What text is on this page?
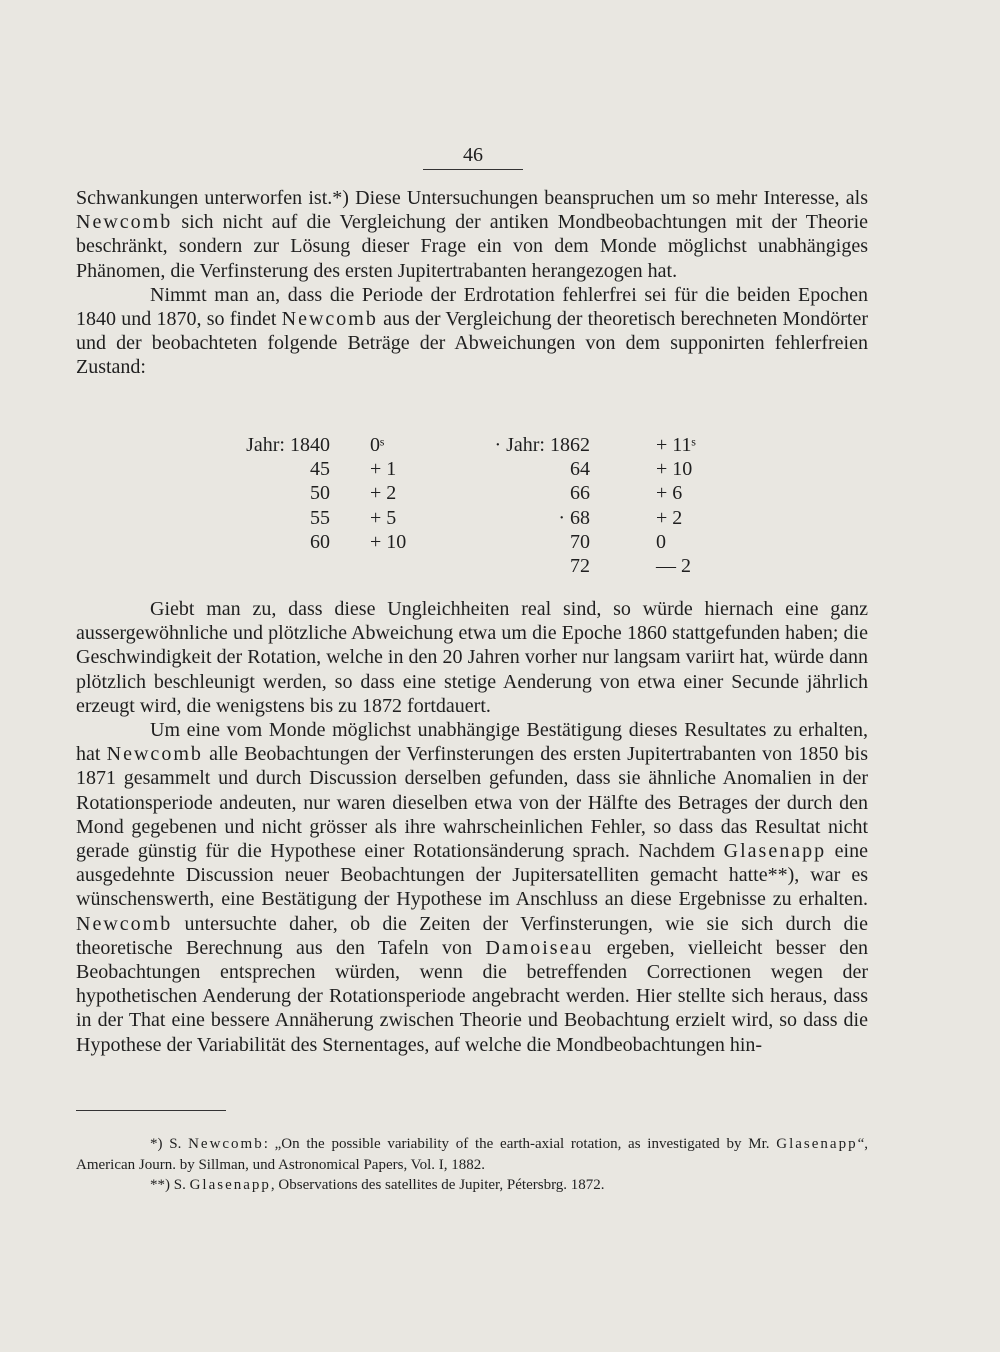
46

Schwankungen unterworfen ist.*) Diese Untersuchungen beanspruchen um so mehr Interesse, als Newcomb sich nicht auf die Vergleichung der antiken Mondbeobachtungen mit der Theorie beschränkt, sondern zur Lösung dieser Frage ein von dem Monde möglichst unabhängiges Phänomen, die Verfinsterung des ersten Jupitertrabanten herangezogen hat.

Nimmt man an, dass die Periode der Erdrotation fehlerfrei sei für die beiden Epochen 1840 und 1870, so findet Newcomb aus der Vergleichung der theoretisch berechneten Mondörter und der beobachteten folgende Beträge der Abweichungen von dem supponirten fehlerfreien Zustand:

Jahr: 1840 0ˢ	· Jahr: 1862	+ 11ˢ
45 + 1	64	+ 10
50 + 2	66	+ 6
55 + 5	· 68	+ 2
60 + 10	70	0
72	— 2

Giebt man zu, dass diese Ungleichheiten real sind, so würde hiernach eine ganz aussergewöhnliche und plötzliche Abweichung etwa um die Epoche 1860 stattgefunden haben; die Geschwindigkeit der Rotation, welche in den 20 Jahren vorher nur langsam variirt hat, würde dann plötzlich beschleunigt werden, so dass eine stetige Aenderung von etwa einer Secunde jährlich erzeugt wird, die wenigstens bis zu 1872 fortdauert.

Um eine vom Monde möglichst unabhängige Bestätigung dieses Resultates zu erhalten, hat Newcomb alle Beobachtungen der Verfinsterungen des ersten Jupitertrabanten von 1850 bis 1871 gesammelt und durch Discussion derselben gefunden, dass sie ähnliche Anomalien in der Rotationsperiode andeuten, nur waren dieselben etwa von der Hälfte des Betrages der durch den Mond gegebenen und nicht grösser als ihre wahrscheinlichen Fehler, so dass das Resultat nicht gerade günstig für die Hypothese einer Rotationsänderung sprach. Nachdem Glasenapp eine ausgedehnte Discussion neuer Beobachtungen der Jupitersatelliten gemacht hatte**), war es wünschenswerth, eine Bestätigung der Hypothese im Anschluss an diese Ergebnisse zu erhalten. Newcomb untersuchte daher, ob die Zeiten der Verfinsterungen, wie sie sich durch die theoretische Berechnung aus den Tafeln von Damoiseau ergeben, vielleicht besser den Beobachtungen entsprechen würden, wenn die betreffenden Correctionen wegen der hypothetischen Aenderung der Rotationsperiode angebracht werden. Hier stellte sich heraus, dass in der That eine bessere Annäherung zwischen Theorie und Beobachtung erzielt wird, so dass die Hypothese der Variabilität des Sternentages, auf welche die Mondbeobachtungen hin-

*) S. Newcomb: „On the possible variability of the earth-axial rotation, as investigated by Mr. Glasenapp“, American Journ. by Sillman, und Astronomical Papers, Vol. I, 1882.

**) S. Glasenapp, Observations des satellites de Jupiter, Pétersbrg. 1872.
